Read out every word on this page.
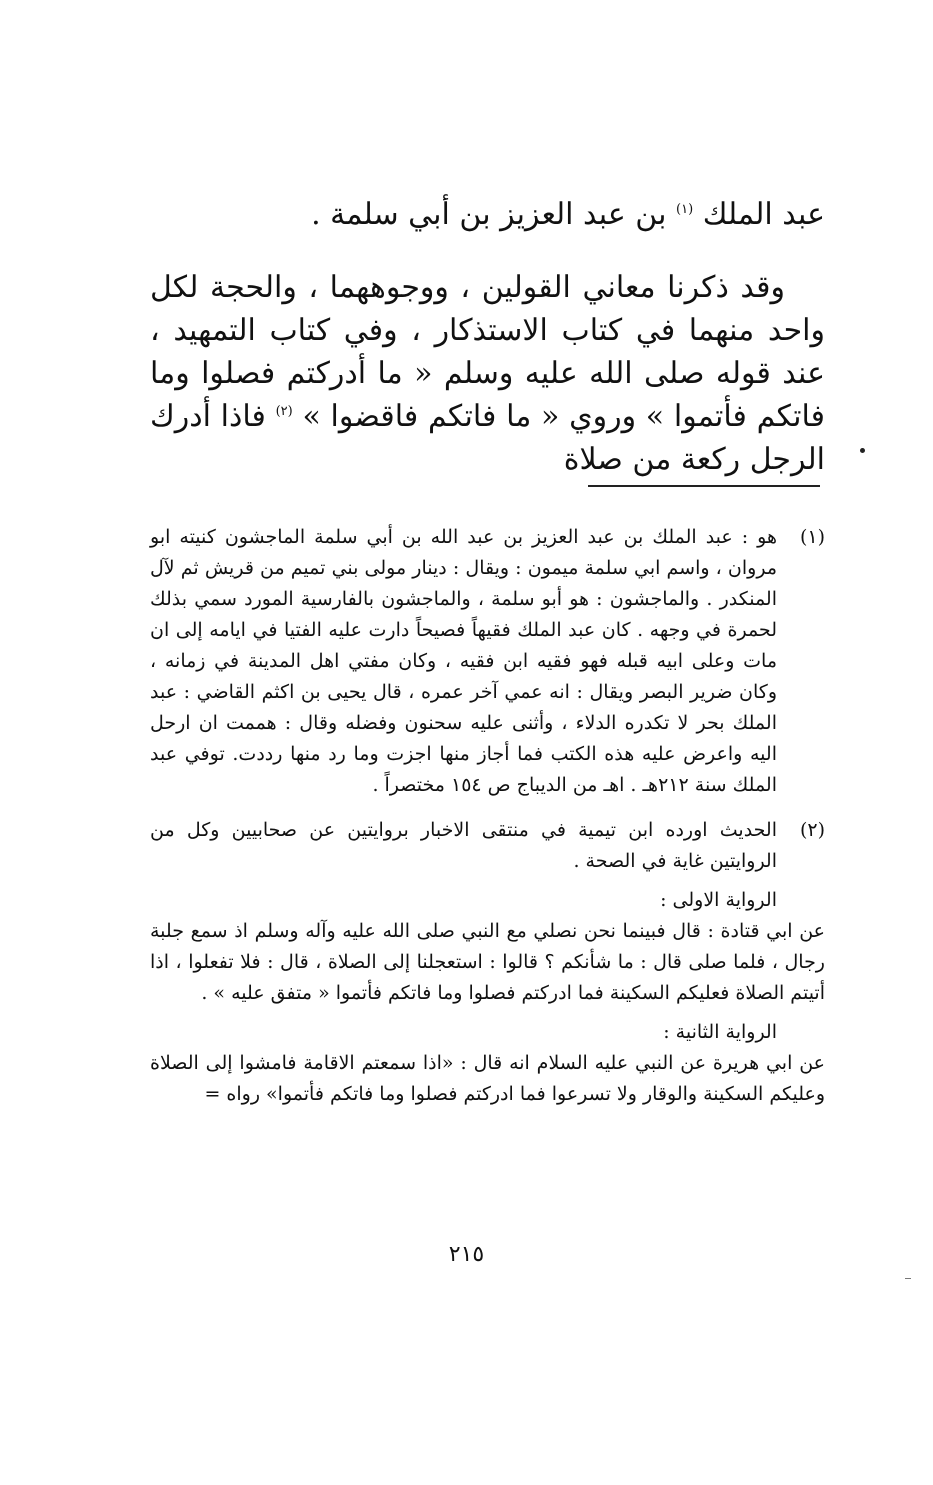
عبد الملك $^{(١)}$ بن عبد العزيز بن أبي سلمة .
وقد ذكرنا معاني القولين ، ووجوههما ، والحجة لكل واحد منهما في كتاب الاستذكار ، وفي كتاب التمهيد ، عند قوله صلى الله عليه وسلم « ما أدركتم فصلوا وما فاتكم فأتموا » وروي « ما فاتكم فاقضوا » $^{(٢)}$ فاذا أدرك الرجل ركعة من صلاة
(١)

هو : عبد الملك بن عبد العزيز بن عبد الله بن أبي سلمة الماجشون كنيته ابو مروان ، واسم ابي سلمة ميمون : ويقال : دينار مولى بني تميم من قريش ثم لآل المنكدر . والماجشون : هو أبو سلمة ، والماجشون بالفارسية المورد سمي بذلك لحمرة في وجهه . كان عبد الملك فقيهاً فصيحاً دارت عليه الفتيا في ايامه إلى ان مات وعلى ابيه قبله فهو فقيه ابن فقيه ، وكان مفتي اهل المدينة في زمانه ، وكان ضرير البصر ويقال : انه عمي آخر عمره ، قال يحيى بن اكثم القاضي : عبد الملك بحر لا تكدره الدلاء ، وأثنى عليه سحنون وفضله وقال : هممت ان ارحل اليه واعرض عليه هذه الكتب فما أجاز منها اجزت وما رد منها رددت. توفي عبد الملك سنة ٢١٢هـ . اهـ من الديباج ص ١٥٤ مختصراً .

(٢)

الحديث اورده ابن تيمية في منتقى الاخبار بروايتين عن صحابيين وكل من الروايتين غاية في الصحة .

الرواية الاولى :

عن ابي قتادة : قال فبينما نحن نصلي مع النبي صلى الله عليه وآله وسلم اذ سمع جلبة رجال ، فلما صلى قال : ما شأنكم ؟ قالوا : استعجلنا إلى الصلاة ، قال : فلا تفعلوا ، اذا أتيتم الصلاة فعليكم السكينة فما ادركتم فصلوا وما فاتكم فأتموا « متفق عليه » .

الرواية الثانية :

عن ابي هريرة عن النبي عليه السلام انه قال : «اذا سمعتم الاقامة فامشوا إلى الصلاة وعليكم السكينة والوقار ولا تسرعوا فما ادركتم فصلوا وما فاتكم فأتموا» رواه =

٢١٥
